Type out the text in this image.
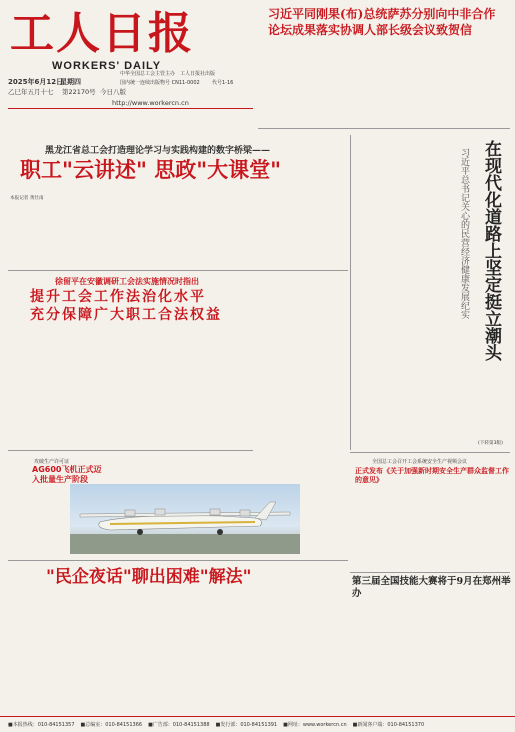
工人日报
WORKERS' DAILY
2025年6月12日
星期四
乙巳年五月十七 第22170号 今日八版
http://www.workercn.cn
中华全国总工会主管主办 工人日报社出版
国内统一连续出版物号 CN11-0002 代号1-16
习近平同刚果(布)总统萨苏分别向中非合作
论坛成果落实协调人部长级会议致贺信
黑龙江省总工会打造理论学习与实践构建的数字桥梁——
职工"云讲述" 思政"大课堂"
本报记者 黄仕南
徐留平在安徽调研工会法实施情况时指出
提升工会工作法治化水平
充分保障广大职工合法权益	在现代化道路上坚定挺立潮头
习近平总书记关心的民营经济健康发展纪实
(下转第3版)
攻破生产许可证
AG600飞机正式迈入批量生产阶段
全国总工会召开工会系统安全生产视频会议
正式发布《关于加强新时期安全生产群众监督工作的意见》
"民企夜话"聊出困难"解法"	第三届全国技能大赛将于9月在郑州举办
■本报热线：010-84151357 ■总编室：010-84151366 ■广告部：010-84151388 ■发行部：010-84151391 ■网址：www.workercn.cn ■新闻客户端：010-84151370
